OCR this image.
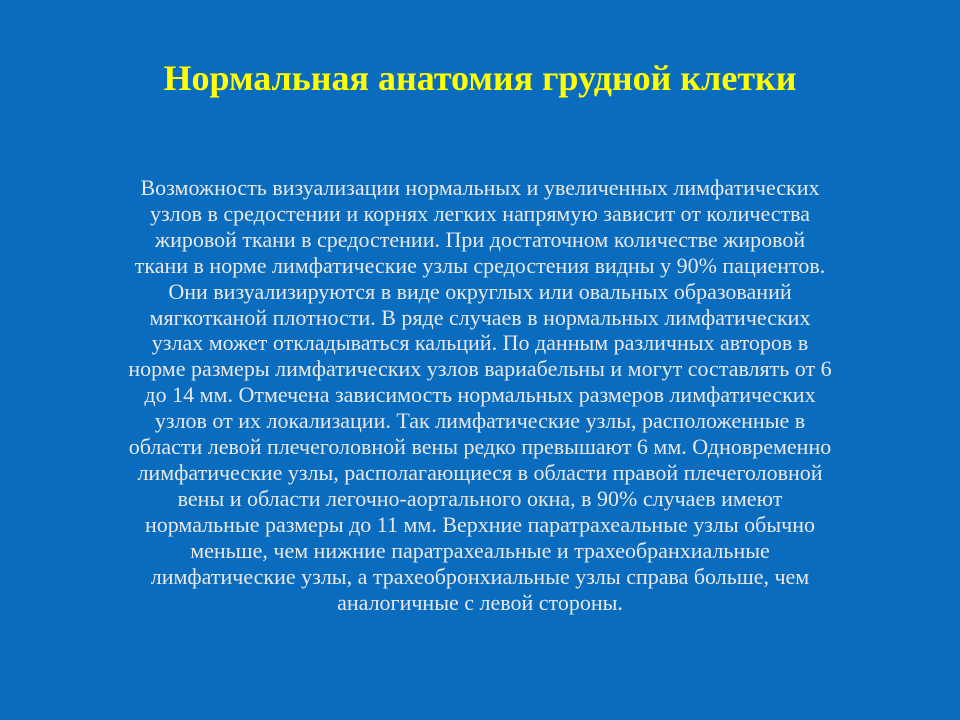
Нормальная анатомия грудной клетки
Возможность визуализации нормальных и увеличенных лимфатических
узлов в средостении и корнях легких напрямую зависит от количества
жировой ткани в средостении. При достаточном количестве жировой
ткани в норме лимфатические узлы средостения видны у 90% пациентов.
Они визуализируются в виде округлых или овальных образований
мягкотканой плотности. В ряде случаев в нормальных лимфатических
узлах может откладываться кальций. По данным различных авторов в
норме размеры лимфатических узлов вариабельны и могут составлять от 6
до 14 мм. Отмечена зависимость нормальных размеров лимфатических
узлов от их локализации. Так лимфатические узлы, расположенные в
области левой плечеголовной вены редко превышают 6 мм. Одновременно
лимфатические узлы, располагающиеся в области правой плечеголовной
вены и области легочно-аортального окна, в 90% случаев имеют
нормальные размеры до 11 мм. Верхние паратрахеальные узлы обычно
меньше, чем нижние паратрахеальные и трахеобранхиальные
лимфатические узлы, а трахеобронхиальные узлы справа больше, чем
аналогичные с левой стороны.
